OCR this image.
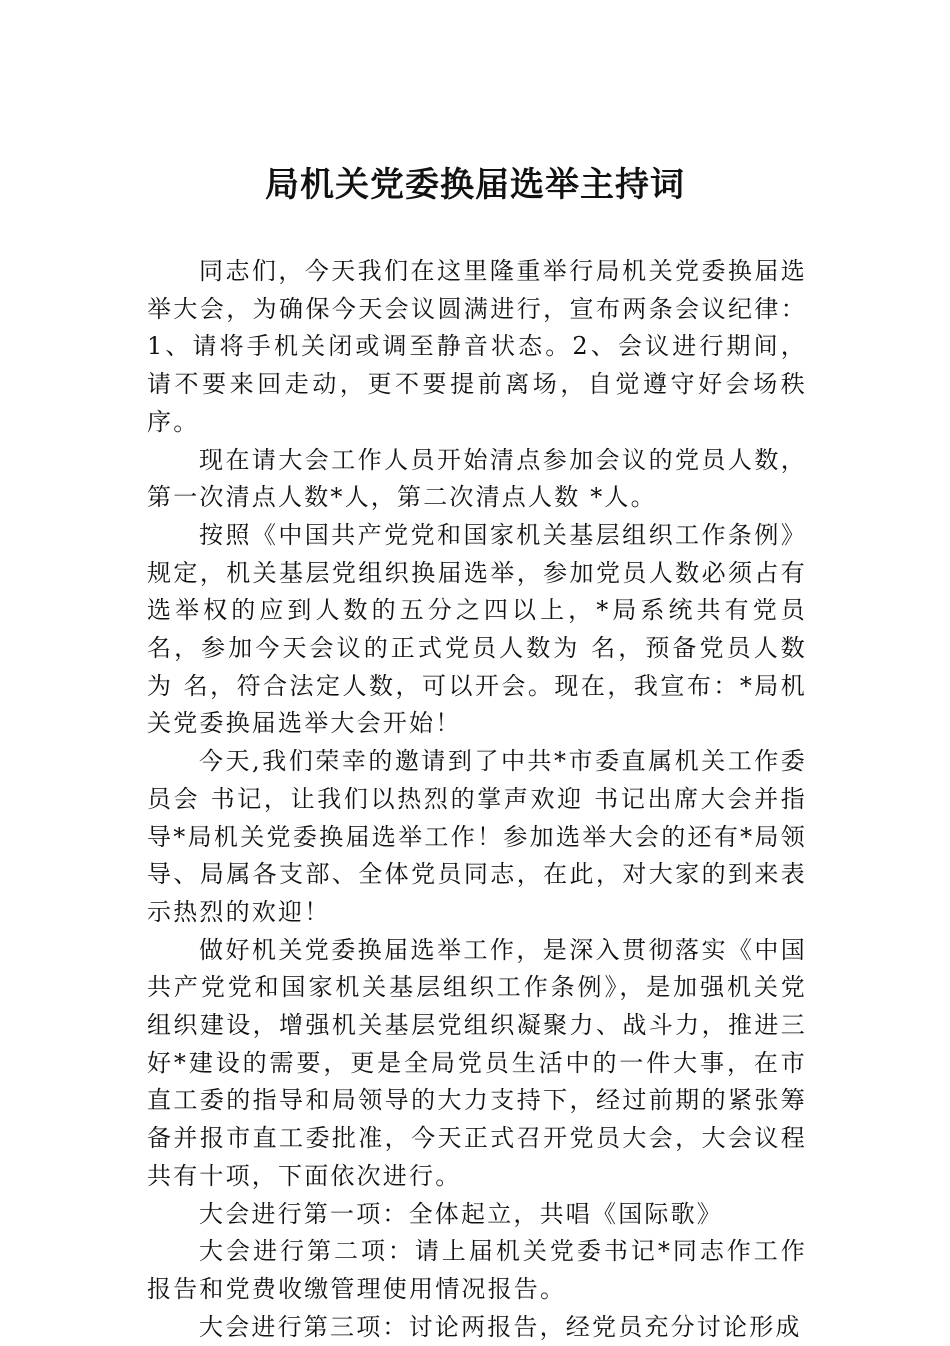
局机关党委换届选举主持词

同志们，今天我们在这里隆重举行局机关党委换届选举大会，为确保今天会议圆满进行，宣布两条会议纪律：1、请将手机关闭或调至静音状态。2、会议进行期间，请不要来回走动，更不要提前离场，自觉遵守好会场秩序。

现在请大会工作人员开始清点参加会议的党员人数，第一次清点人数*人，第二次清点人数 *人。

按照《中国共产党党和国家机关基层组织工作条例》规定，机关基层党组织换届选举，参加党员人数必须占有选举权的应到人数的五分之四以上，*局系统共有党员 名，参加今天会议的正式党员人数为 名，预备党员人数为 名，符合法定人数，可以开会。现在，我宣布：*局机关党委换届选举大会开始！

今天,我们荣幸的邀请到了中共*市委直属机关工作委员会 书记，让我们以热烈的掌声欢迎 书记出席大会并指导*局机关党委换届选举工作！参加选举大会的还有*局领导、局属各支部、全体党员同志，在此，对大家的到来表示热烈的欢迎！

做好机关党委换届选举工作，是深入贯彻落实《中国共产党党和国家机关基层组织工作条例》，是加强机关党组织建设，增强机关基层党组织凝聚力、战斗力，推进三好*建设的需要，更是全局党员生活中的一件大事，在市直工委的指导和局领导的大力支持下，经过前期的紧张筹备并报市直工委批准，今天正式召开党员大会，大会议程共有十项，下面依次进行。

大会进行第一项：全体起立，共唱《国际歌》

大会进行第二项：请上届机关党委书记*同志作工作报告和党费收缴管理使用情况报告。

大会进行第三项：讨论两报告，经党员充分讨论形成
